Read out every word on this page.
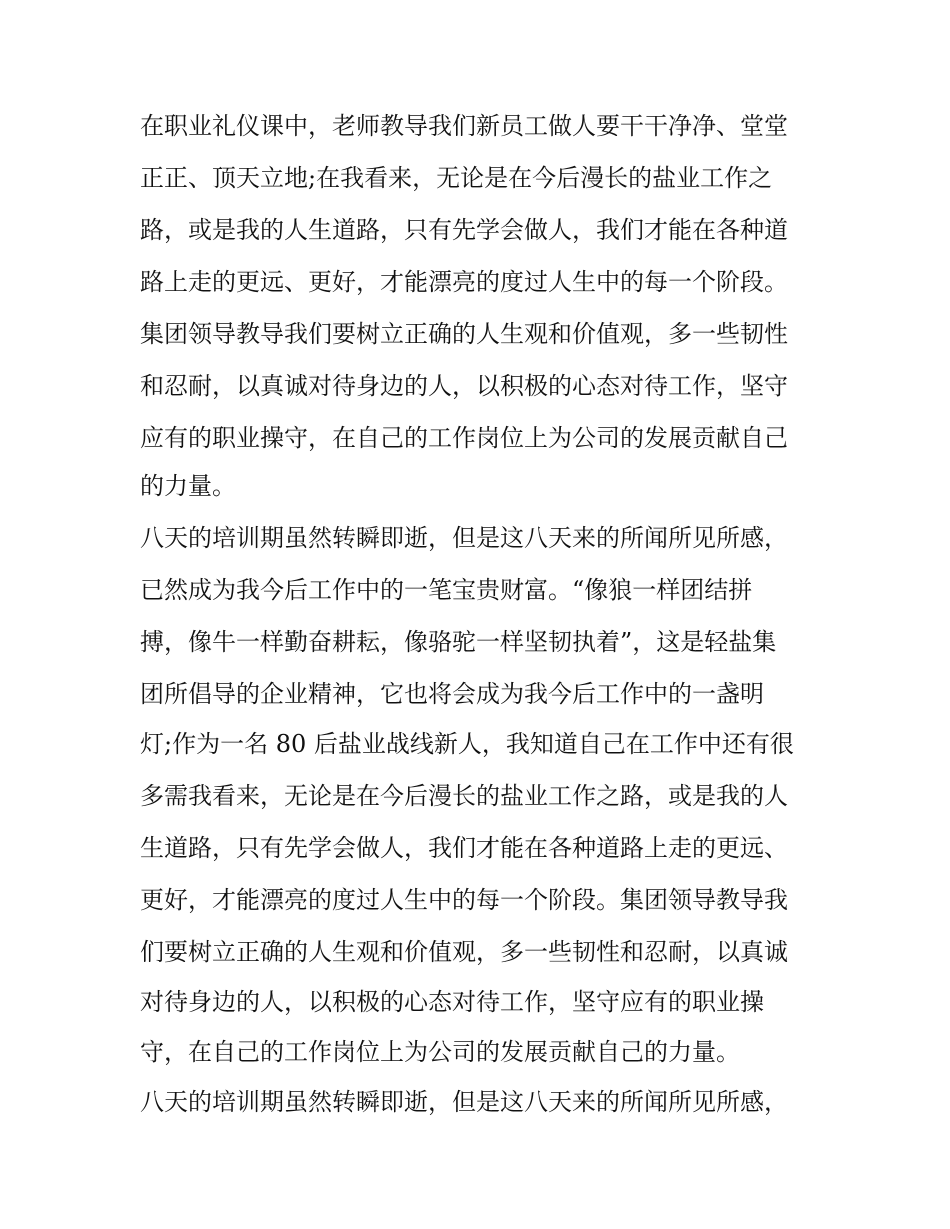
在职业礼仪课中，老师教导我们新员工做人要干干净净、堂堂
正正、顶天立地;在我看来，无论是在今后漫长的盐业工作之
路，或是我的人生道路，只有先学会做人，我们才能在各种道
路上走的更远、更好，才能漂亮的度过人生中的每一个阶段。
集团领导教导我们要树立正确的人生观和价值观，多一些韧性
和忍耐，以真诚对待身边的人，以积极的心态对待工作，坚守
应有的职业操守，在自己的工作岗位上为公司的发展贡献自己
的力量。
八天的培训期虽然转瞬即逝，但是这八天来的所闻所见所感，
已然成为我今后工作中的一笔宝贵财富。“像狼一样团结拼
搏，像牛一样勤奋耕耘，像骆驼一样坚韧执着”，这是轻盐集
团所倡导的企业精神，它也将会成为我今后工作中的一盏明
灯;作为一名 80 后盐业战线新人，我知道自己在工作中还有很
多需我看来，无论是在今后漫长的盐业工作之路，或是我的人
生道路，只有先学会做人，我们才能在各种道路上走的更远、
更好，才能漂亮的度过人生中的每一个阶段。集团领导教导我
们要树立正确的人生观和价值观，多一些韧性和忍耐，以真诚
对待身边的人，以积极的心态对待工作，坚守应有的职业操
守，在自己的工作岗位上为公司的发展贡献自己的力量。
八天的培训期虽然转瞬即逝，但是这八天来的所闻所见所感，
